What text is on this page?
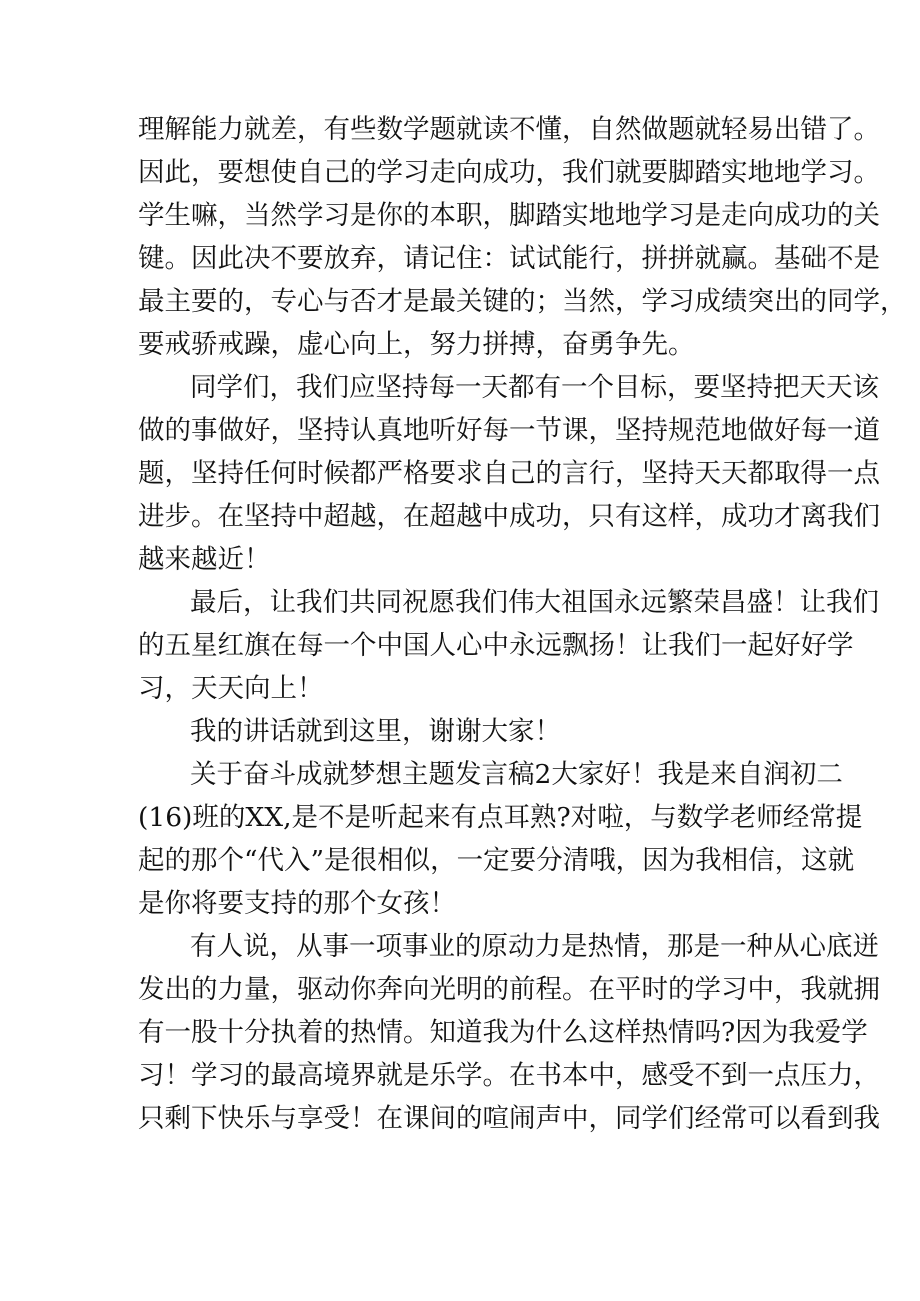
理解能力就差，有些数学题就读不懂，自然做题就轻易出错了。
因此，要想使自己的学习走向成功，我们就要脚踏实地地学习。
学生嘛，当然学习是你的本职，脚踏实地地学习是走向成功的关
键。因此决不要放弃，请记住：试试能行，拼拼就赢。基础不是
最主要的，专心与否才是最关键的；当然，学习成绩突出的同学，
要戒骄戒躁，虚心向上，努力拼搏，奋勇争先。
同学们，我们应坚持每一天都有一个目标，要坚持把天天该
做的事做好，坚持认真地听好每一节课，坚持规范地做好每一道
题，坚持任何时候都严格要求自己的言行，坚持天天都取得一点
进步。在坚持中超越，在超越中成功，只有这样，成功才离我们
越来越近！
最后，让我们共同祝愿我们伟大祖国永远繁荣昌盛！让我们
的五星红旗在每一个中国人心中永远飘扬！让我们一起好好学
习，天天向上！
我的讲话就到这里，谢谢大家！
关于奋斗成就梦想主题发言稿2大家好！我是来自润初二
(16)班的XX,是不是听起来有点耳熟?对啦，与数学老师经常提
起的那个“代入”是很相似，一定要分清哦，因为我相信，这就
是你将要支持的那个女孩！
有人说，从事一项事业的原动力是热情，那是一种从心底迸
发出的力量，驱动你奔向光明的前程。在平时的学习中，我就拥
有一股十分执着的热情。知道我为什么这样热情吗?因为我爱学
习！学习的最高境界就是乐学。在书本中，感受不到一点压力，
只剩下快乐与享受！在课间的喧闹声中，同学们经常可以看到我
